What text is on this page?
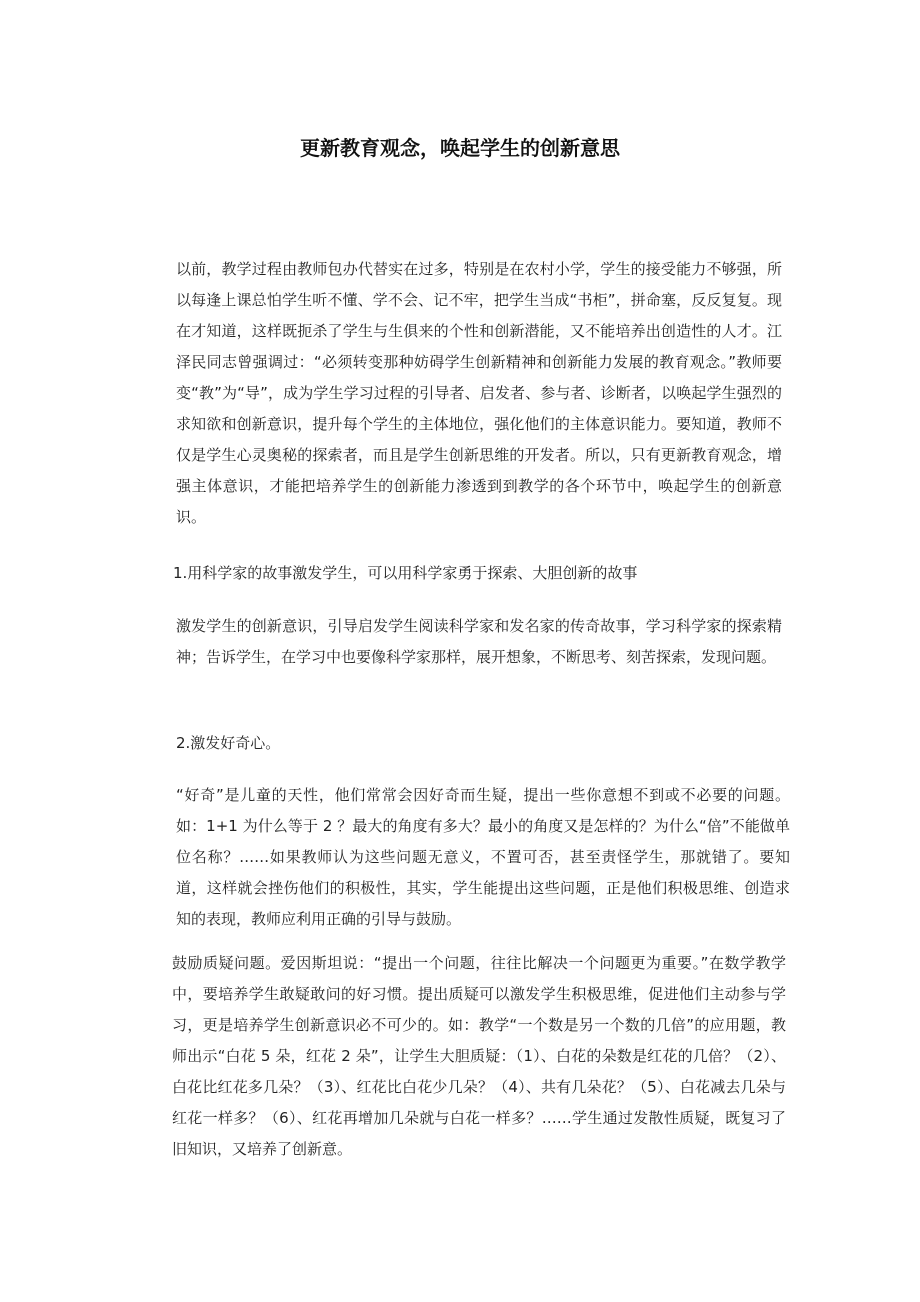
更新教育观念，唤起学生的创新意思

以前，教学过程由教师包办代替实在过多，特别是在农村小学，学生的接受能力不够强，所以每逢上课总怕学生听不懂、学不会、记不牢，把学生当成“书柜”，拼命塞，反反复复。现在才知道，这样既扼杀了学生与生俱来的个性和创新潜能，又不能培养出创造性的人才。江泽民同志曾强调过：“必须转变那种妨碍学生创新精神和创新能力发展的教育观念。”教师要变“教”为“导”，成为学生学习过程的引导者、启发者、参与者、诊断者，以唤起学生强烈的求知欲和创新意识，提升每个学生的主体地位，强化他们的主体意识能力。要知道，教师不仅是学生心灵奥秘的探索者，而且是学生创新思维的开发者。所以，只有更新教育观念，增强主体意识，才能把培养学生的创新能力渗透到到教学的各个环节中，唤起学生的创新意识。

1.用科学家的故事激发学生，可以用科学家勇于探索、大胆创新的故事

激发学生的创新意识，引导启发学生阅读科学家和发名家的传奇故事，学习科学家的探索精神；告诉学生，在学习中也要像科学家那样，展开想象，不断思考、刻苦探索，发现问题。

2.激发好奇心。

“好奇”是儿童的天性，他们常常会因好奇而生疑，提出一些你意想不到或不必要的问题。如：1+1 为什么等于 2 ？最大的角度有多大？最小的角度又是怎样的？为什么“倍”不能做单位名称？……如果教师认为这些问题无意义，不置可否，甚至责怪学生，那就错了。要知道，这样就会挫伤他们的积极性，其实，学生能提出这些问题，正是他们积极思维、创造求知的表现，教师应利用正确的引导与鼓励。

鼓励质疑问题。爱因斯坦说：“提出一个问题，往往比解决一个问题更为重要。”在数学教学中，要培养学生敢疑敢问的好习惯。提出质疑可以激发学生积极思维，促进他们主动参与学习，更是培养学生创新意识必不可少的。如：教学“一个数是另一个数的几倍”的应用题，教师出示“白花 5 朵，红花 2 朵”，让学生大胆质疑：（1）、白花的朵数是红花的几倍？（2）、白花比红花多几朵？（3）、红花比白花少几朵？（4）、共有几朵花？（5）、白花减去几朵与红花一样多？（6）、红花再增加几朵就与白花一样多？……学生通过发散性质疑，既复习了旧知识，又培养了创新意。
